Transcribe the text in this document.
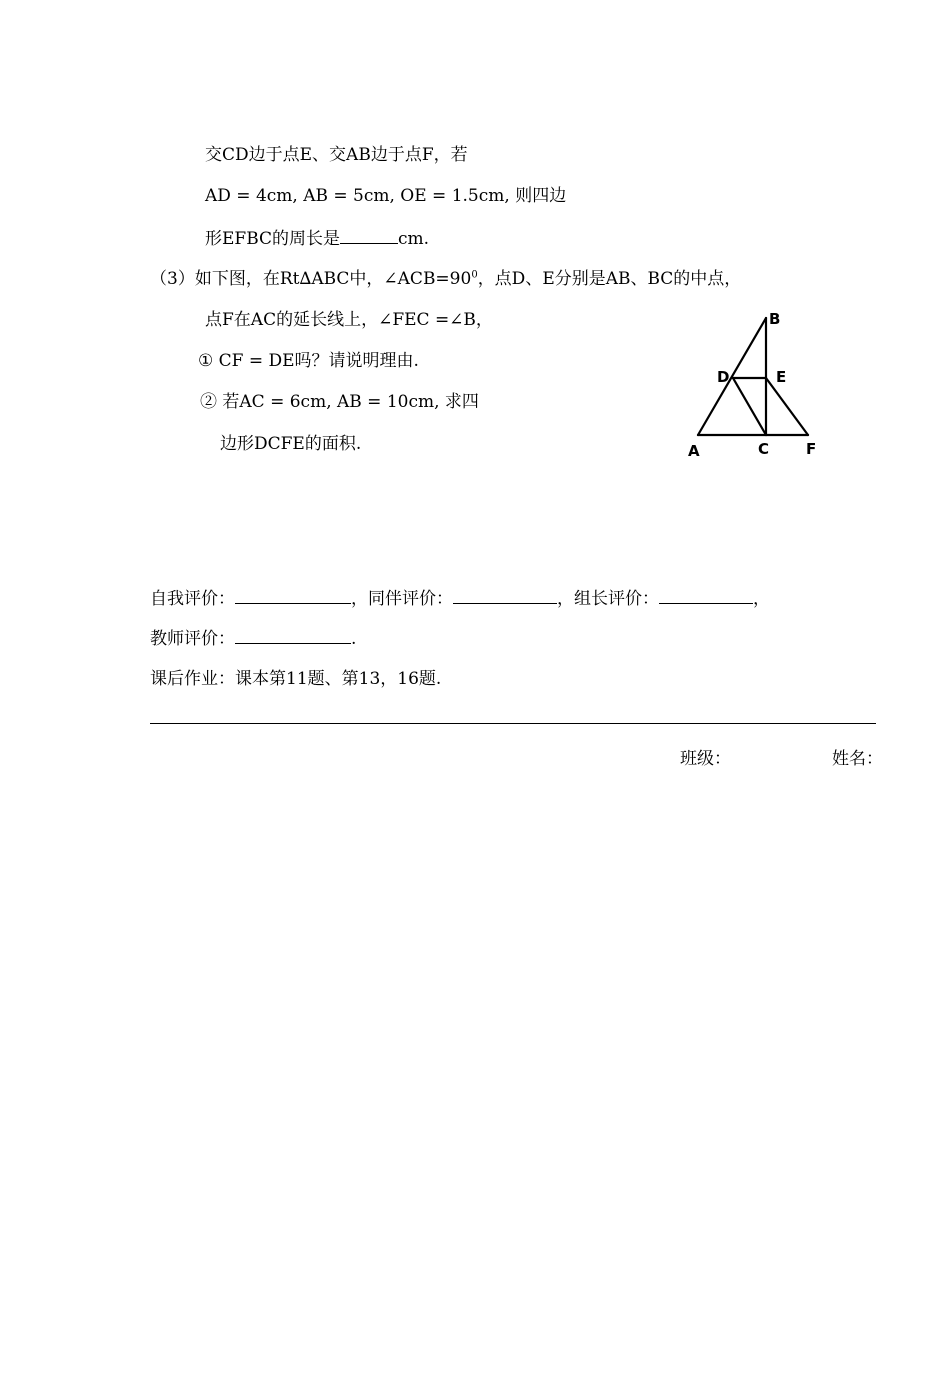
交CD边于点E、交AB边于点F，若
AD = 4cm, AB = 5cm, OE = 1.5cm, 则四边
形EFBC的周长是	cm.
（3）如下图，在Rt∆ABC中，$\angle ACB=90^0$，点D、E分别是AB、BC的中点，
点F在AC的延长线上，∠FEC =∠B，
① CF = DE吗？请说明理由.
② 若AC = 6cm, AB = 10cm, 求四
边形DCFE的面积.
B
D	E
A	C F
自我评价：	，同伴评价：	，组长评价：	，
教师评价：	.
课后作业：课本第11题、第13，16题.
班级：	姓名：
